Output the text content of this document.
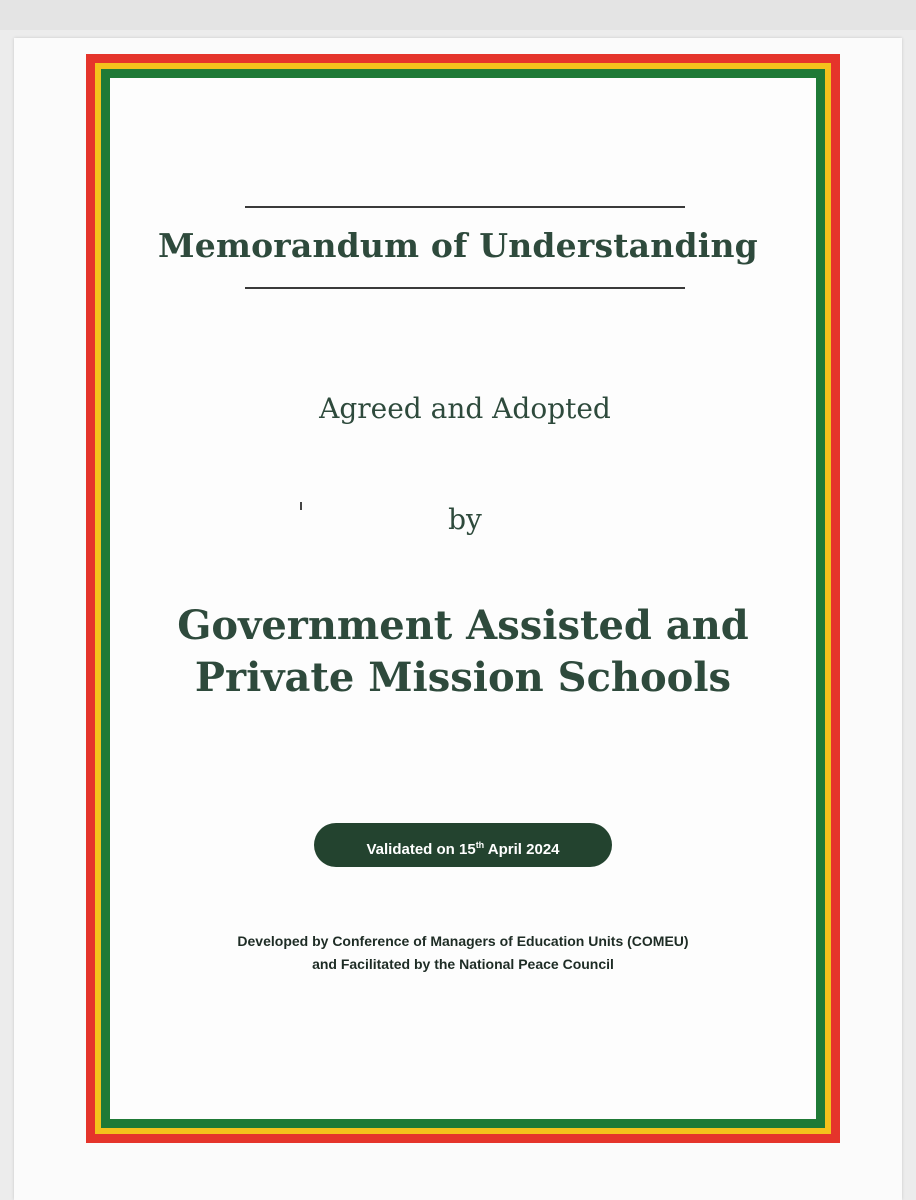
Memorandum of Understanding
Agreed and Adopted
by
Government Assisted and
Private Mission Schools
Validated on 15th April 2024
Developed by Conference of Managers of Education Units (COMEU)
and Facilitated by the National Peace Council
